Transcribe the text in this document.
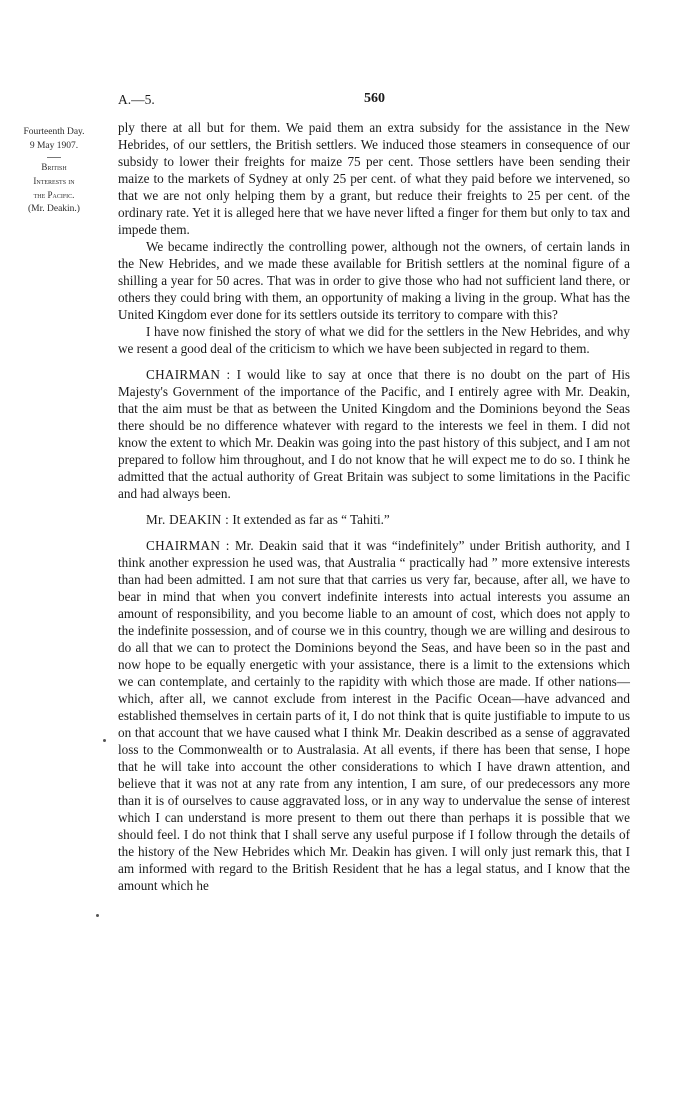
A.—5.	560
Fourteenth Day.
9 May 1907.
British
Interests in
the Pacific.
(Mr. Deakin.)

ply there at all but for them. We paid them an extra subsidy for the assistance in the New Hebrides, of our settlers, the British settlers. We induced those steamers in consequence of our subsidy to lower their freights for maize 75 per cent. Those settlers have been sending their maize to the markets of Sydney at only 25 per cent. of what they paid before we intervened, so that we are not only helping them by a grant, but reduce their freights to 25 per cent. of the ordinary rate. Yet it is alleged here that we have never lifted a finger for them but only to tax and impede them.

We became indirectly the controlling power, although not the owners, of certain lands in the New Hebrides, and we made these available for British settlers at the nominal figure of a shilling a year for 50 acres. That was in order to give those who had not sufficient land there, or others they could bring with them, an opportunity of making a living in the group. What has the United Kingdom ever done for its settlers outside its territory to compare with this?

I have now finished the story of what we did for the settlers in the New Hebrides, and why we resent a good deal of the criticism to which we have been subjected in regard to them.

CHAIRMAN : I would like to say at once that there is no doubt on the part of His Majesty's Government of the importance of the Pacific, and I entirely agree with Mr. Deakin, that the aim must be that as between the United Kingdom and the Dominions beyond the Seas there should be no difference whatever with regard to the interests we feel in them. I did not know the extent to which Mr. Deakin was going into the past history of this subject, and I am not prepared to follow him throughout, and I do not know that he will expect me to do so. I think he admitted that the actual authority of Great Britain was subject to some limitations in the Pacific and had always been.

Mr. DEAKIN : It extended as far as “ Tahiti.”

CHAIRMAN : Mr. Deakin said that it was “indefinitely” under British authority, and I think another expression he used was, that Australia “ practically had ” more extensive interests than had been admitted. I am not sure that that carries us very far, because, after all, we have to bear in mind that when you convert indefinite interests into actual interests you assume an amount of responsibility, and you become liable to an amount of cost, which does not apply to the indefinite possession, and of course we in this country, though we are willing and desirous to do all that we can to protect the Dominions beyond the Seas, and have been so in the past and now hope to be equally energetic with your assistance, there is a limit to the extensions which we can contemplate, and certainly to the rapidity with which those are made. If other nations—which, after all, we cannot exclude from interest in the Pacific Ocean—have advanced and established themselves in certain parts of it, I do not think that is quite justifiable to impute to us on that account that we have caused what I think Mr. Deakin described as a sense of aggravated loss to the Commonwealth or to Australasia. At all events, if there has been that sense, I hope that he will take into account the other considerations to which I have drawn attention, and believe that it was not at any rate from any intention, I am sure, of our predecessors any more than it is of ourselves to cause aggravated loss, or in any way to undervalue the sense of interest which I can understand is more present to them out there than perhaps it is possible that we should feel. I do not think that I shall serve any useful purpose if I follow through the details of the history of the New Hebrides which Mr. Deakin has given. I will only just remark this, that I am informed with regard to the British Resident that he has a legal status, and I know that the amount which he
